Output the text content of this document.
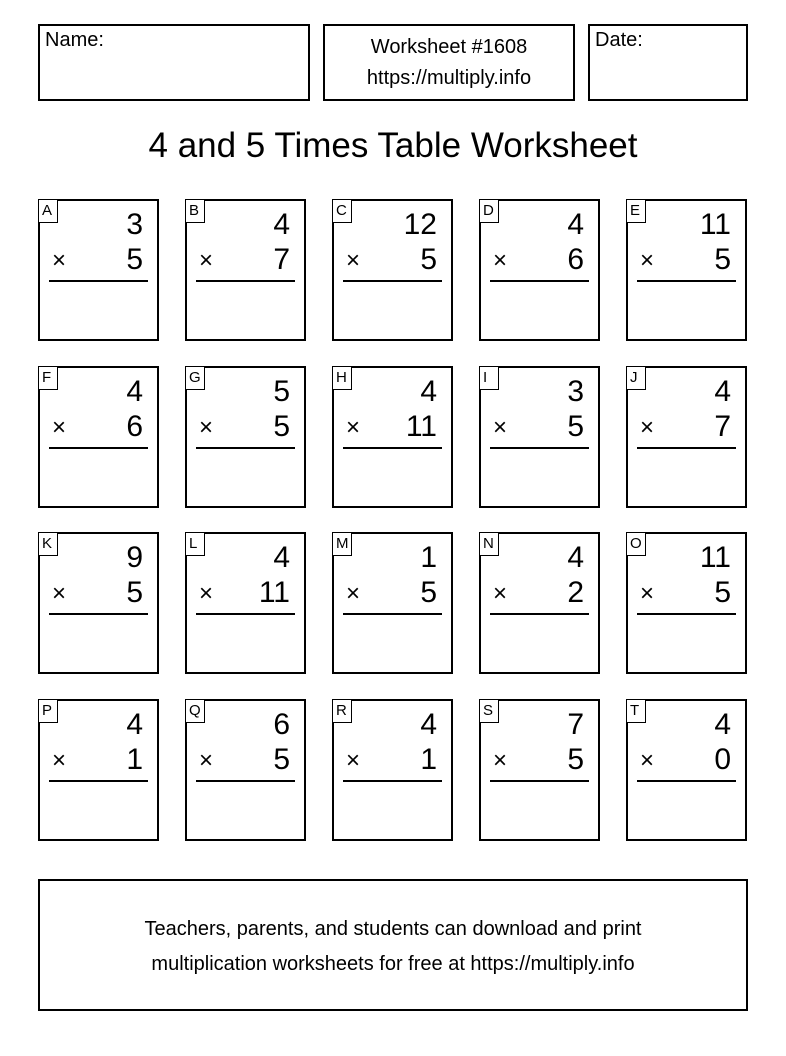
Name:	Worksheet #1608
https://multiply.info
Date:
4 and 5 Times Table Worksheet
A 3
× 5
B 4
× 7
C 12
× 5
D 4
× 6
E 11
× 5
F	4
× 6
G 5
× 5
H 4
× 11
I	3
× 5
J	4
× 7
K 9
× 5
L	4
× 11
M 1
× 5
N 4
× 2
O 11
× 5
P 4
× 1
Q 6
× 5
R 4
× 1
S 7
× 5
T	4
× 0
Teachers, parents, and students can download and print
multiplication worksheets for free at https://multiply.info
